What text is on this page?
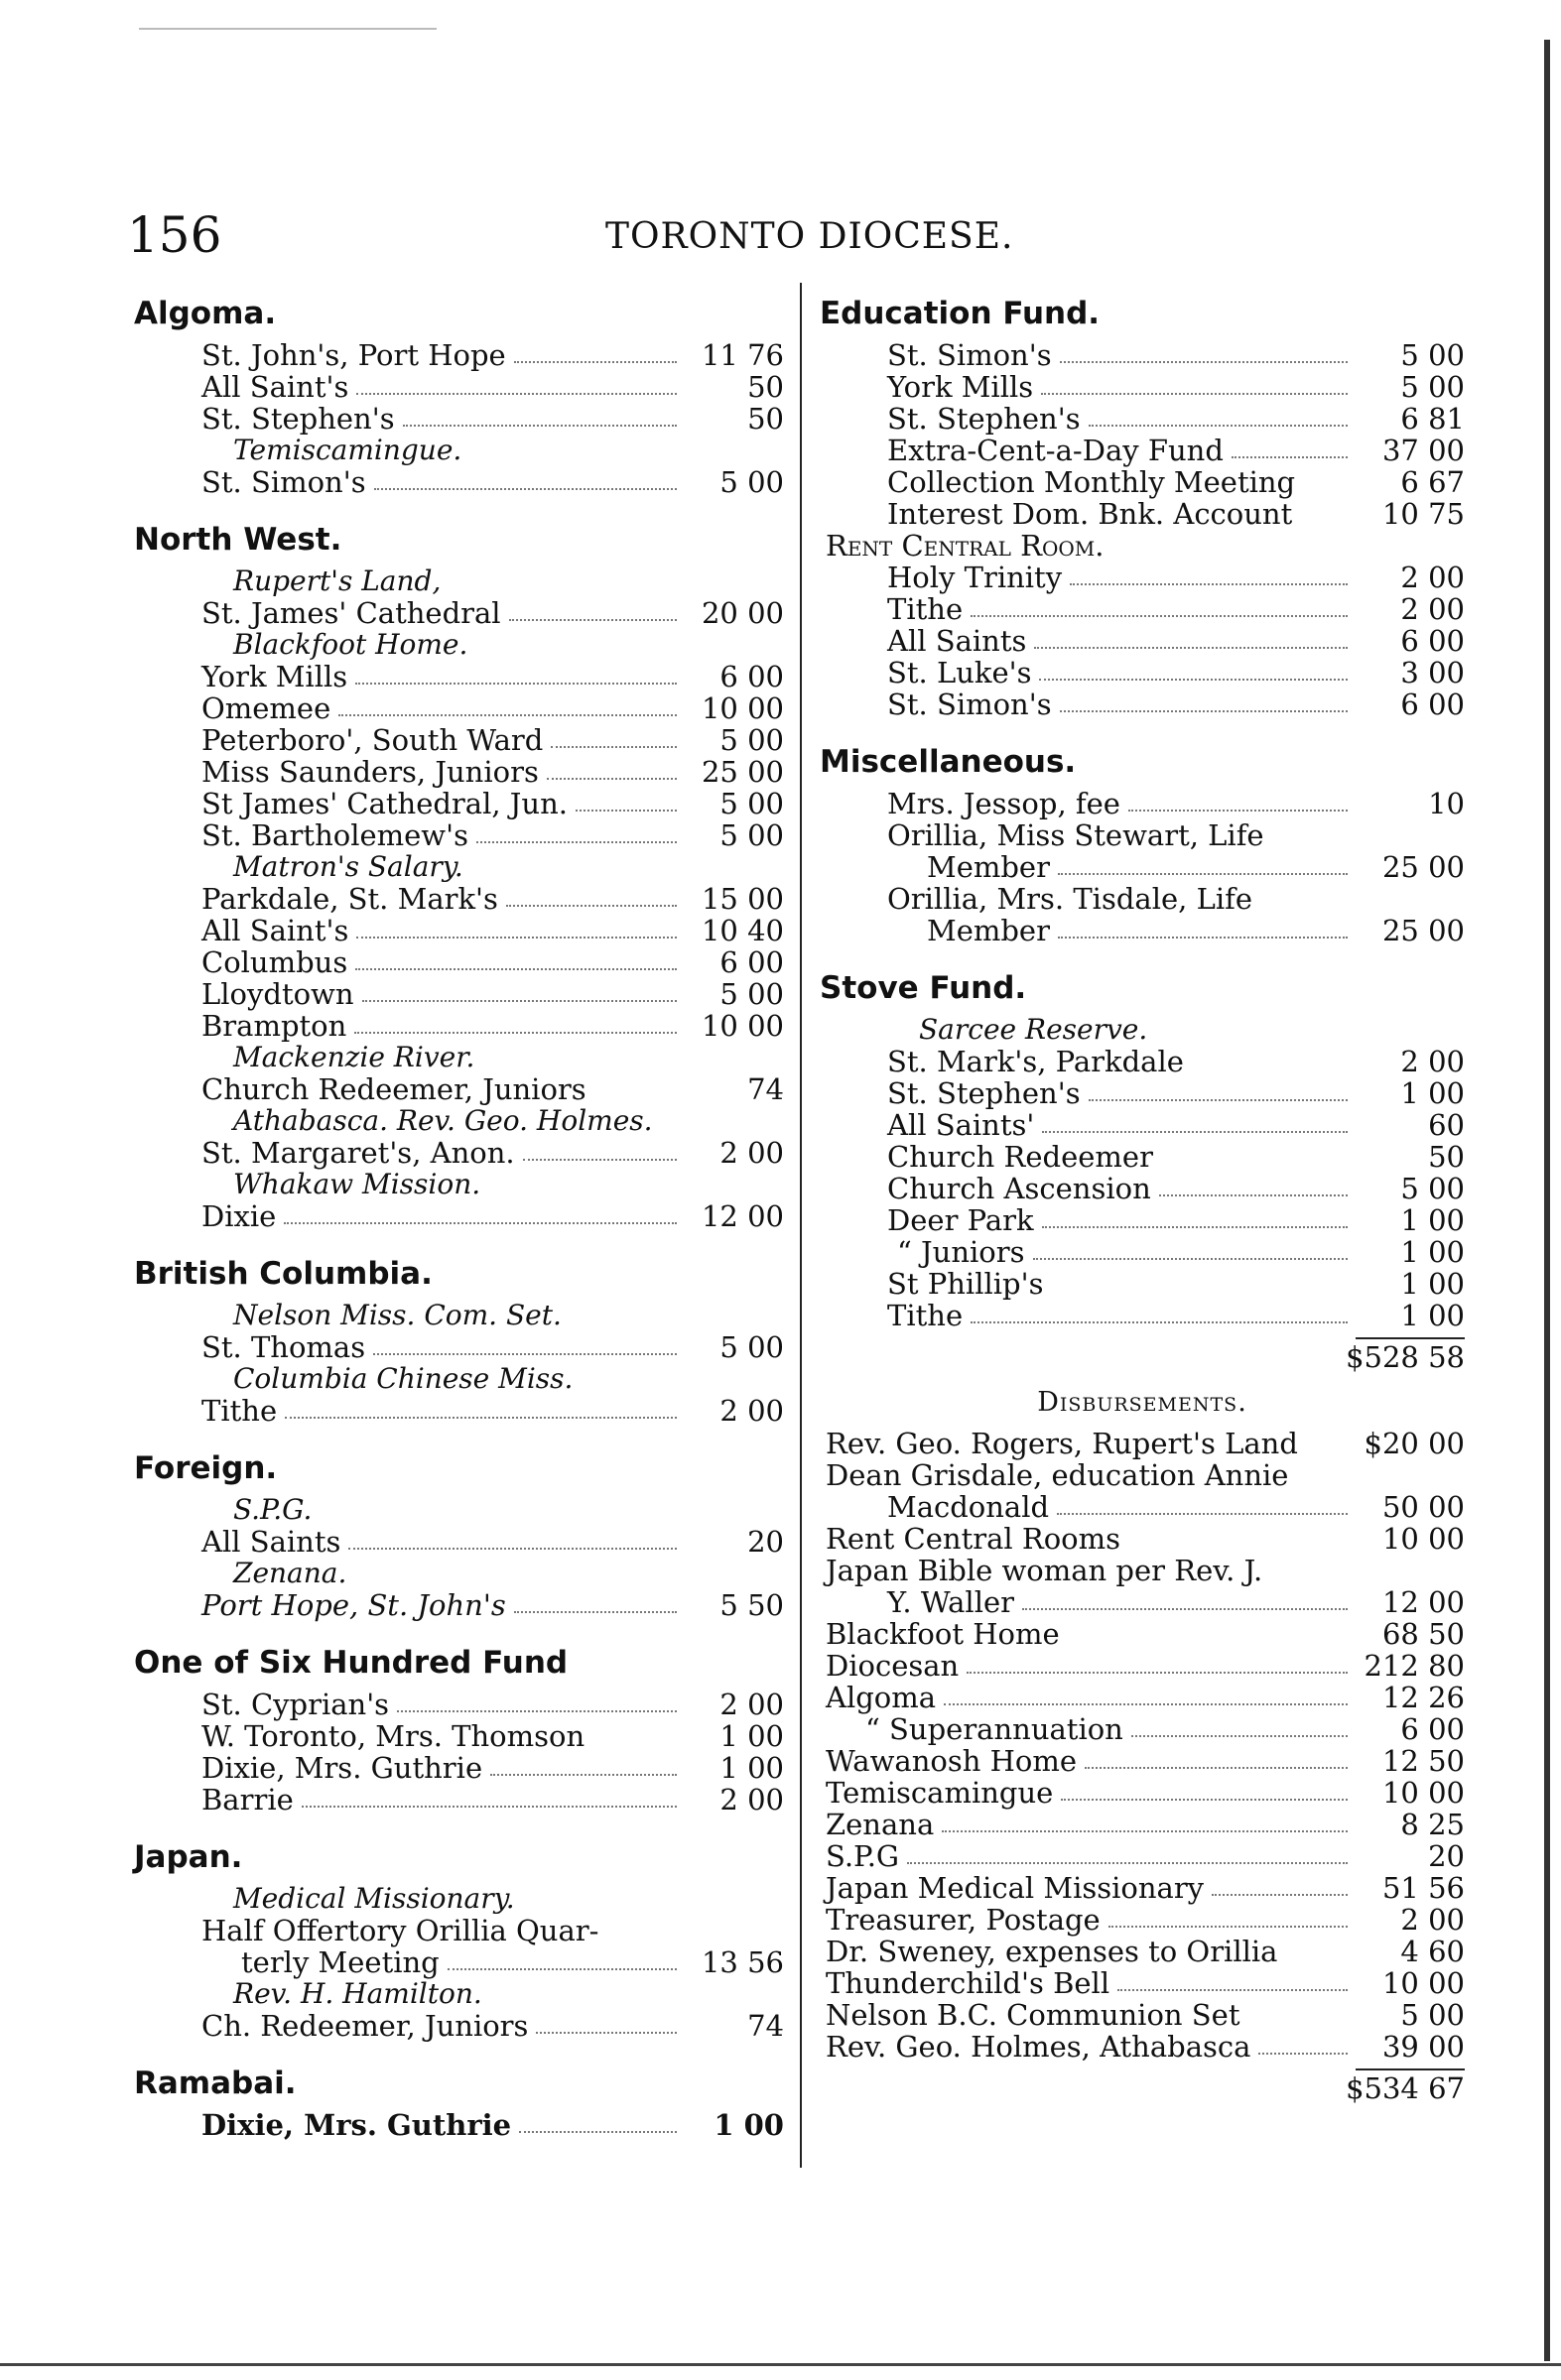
156	TORONTO DIOCESE.
Algoma.
St. John's, Port Hope	11 76
All Saint's	50
St. Stephen's	50
Temiscamingue.
St. Simon's	5 00
North West.
Rupert's Land,
St. James' Cathedral	20 00
Blackfoot Home.
York Mills	6 00
Omemee	10 00
Peterboro', South Ward	5 00
Miss Saunders, Juniors	25 00
St James' Cathedral, Jun.	5 00
St. Bartholemew's	5 00
Matron's Salary.
Parkdale, St. Mark's	15 00
All Saint's	10 40
Columbus	6 00
Lloydtown	5 00
Brampton	10 00
Mackenzie River.
Church Redeemer, Juniors	74
Athabasca. Rev. Geo. Holmes.
St. Margaret's, Anon.	2 00
Whakaw Mission.
Dixie	12 00
British Columbia.
Nelson Miss. Com. Set.
St. Thomas	5 00
Columbia Chinese Miss.
Tithe	2 00
Foreign.
S.P.G.
All Saints	20
Zenana.
Port Hope, St. John's	5 50
One of Six Hundred Fund
St. Cyprian's	2 00
W. Toronto, Mrs. Thomson	1 00
Dixie, Mrs. Guthrie	1 00
Barrie	2 00
Japan.
Medical Missionary.
Half Offertory Orillia Quar-
terly Meeting	13 56
Rev. H. Hamilton.
Ch. Redeemer, Juniors	74
Ramabai.
Dixie, Mrs. Guthrie	1 00
Education Fund.
St. Simon's	5 00
York Mills	5 00
St. Stephen's	6 81
Extra-Cent-a-Day Fund	37 00
Collection Monthly Meeting	6 67
Interest Dom. Bnk. Account	10 75
Rent Central Room.
Holy Trinity	2 00
Tithe	2 00
All Saints	6 00
St. Luke's	3 00
St. Simon's	6 00
Miscellaneous.
Mrs. Jessop, fee	10
Orillia, Miss Stewart, Life
Member	25 00
Orillia, Mrs. Tisdale, Life
Member	25 00
Stove Fund.
Sarcee Reserve.
St. Mark's, Parkdale	2 00
St. Stephen's	1 00
All Saints'	60
Church Redeemer	50
Church Ascension	5 00
Deer Park	1 00
“ Juniors	1 00
St Phillip's	1 00
Tithe	1 00
$528 58
Disbursements.
Rev. Geo. Rogers, Rupert's Land $20 00
Dean Grisdale, education Annie
Macdonald	50 00
Rent Central Rooms	10 00
Japan Bible woman per Rev. J.
Y. Waller	12 00
Blackfoot Home	68 50
Diocesan	212 80
Algoma	12 26
“ Superannuation	6 00
Wawanosh Home	12 50
Temiscamingue	10 00
Zenana	8 25
S.P.G	20
Japan Medical Missionary	51 56
Treasurer, Postage	2 00
Dr. Sweney, expenses to Orillia	4 60
Thunderchild's Bell	10 00
Nelson B.C. Communion Set	5 00
Rev. Geo. Holmes, Athabasca	39 00
$534 67
